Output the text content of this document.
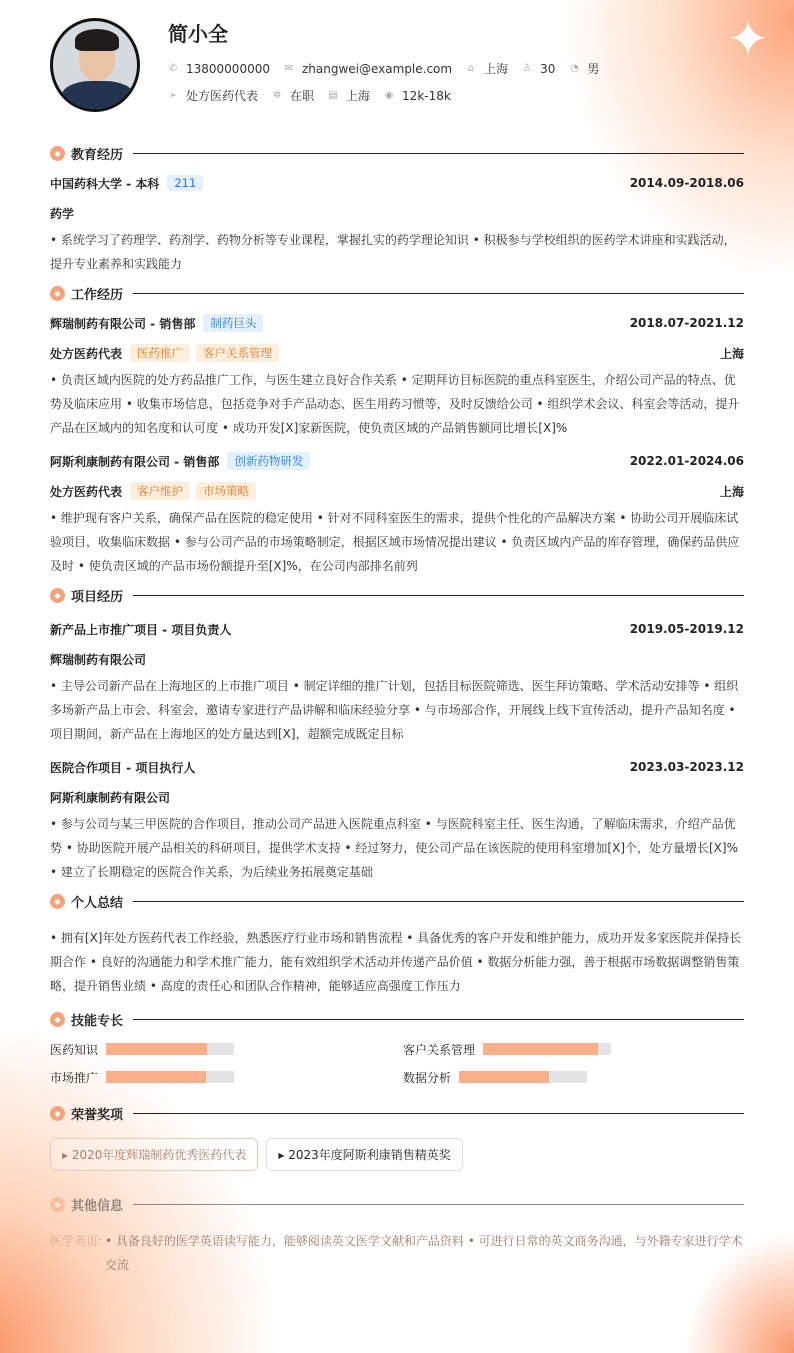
简小全
✆ 13800000000 ✉ zhangwei@example.com ⌂ 上海 ♙ 30 ◔ 男
➢ 处方医药代表 ✲ 在职 ▤ 上海 ◉ 12k-18k
✦
◆ 教育经历
中国药科大学 - 本科	211	2014.09-2018.06
药学
• 系统学习了药理学、药剂学、药物分析等专业课程，掌握扎实的药学理论知识 • 积极参与学校组织的医药学术讲座和实践活动，提升专业素养和实践能力
◆ 工作经历
辉瑞制药有限公司 - 销售部	制药巨头	2018.07-2021.12
处方医药代表	医药推广	客户关系管理	上海
• 负责区域内医院的处方药品推广工作，与医生建立良好合作关系 • 定期拜访目标医院的重点科室医生，介绍公司产品的特点、优势及临床应用 • 收集市场信息，包括竞争对手产品动态、医生用药习惯等，及时反馈给公司 • 组织学术会议、科室会等活动，提升产品在区域内的知名度和认可度 • 成功开发[X]家新医院，使负责区域的产品销售额同比增长[X]%
阿斯利康制药有限公司 - 销售部	创新药物研发	2022.01-2024.06
处方医药代表	客户维护	市场策略	上海
• 维护现有客户关系，确保产品在医院的稳定使用 • 针对不同科室医生的需求，提供个性化的产品解决方案 • 协助公司开展临床试验项目，收集临床数据 • 参与公司产品的市场策略制定，根据区域市场情况提出建议 • 负责区域内产品的库存管理，确保药品供应及时 • 使负责区域的产品市场份额提升至[X]%，在公司内部排名前列
◆ 项目经历
新产品上市推广项目 - 项目负责人	2019.05-2019.12
辉瑞制药有限公司
• 主导公司新产品在上海地区的上市推广项目 • 制定详细的推广计划，包括目标医院筛选、医生拜访策略、学术活动安排等 • 组织多场新产品上市会、科室会，邀请专家进行产品讲解和临床经验分享 • 与市场部合作，开展线上线下宣传活动，提升产品知名度 • 项目期间，新产品在上海地区的处方量达到[X]，超额完成既定目标
医院合作项目 - 项目执行人	2023.03-2023.12
阿斯利康制药有限公司
• 参与公司与某三甲医院的合作项目，推动公司产品进入医院重点科室 • 与医院科室主任、医生沟通，了解临床需求，介绍产品优势 • 协助医院开展产品相关的科研项目，提供学术支持 • 经过努力，使公司产品在该医院的使用科室增加[X]个，处方量增长[X]% • 建立了长期稳定的医院合作关系，为后续业务拓展奠定基础
◆ 个人总结
• 拥有[X]年处方医药代表工作经验，熟悉医疗行业市场和销售流程 • 具备优秀的客户开发和维护能力，成功开发多家医院并保持长期合作 • 良好的沟通能力和学术推广能力，能有效组织学术活动并传递产品价值 • 数据分析能力强，善于根据市场数据调整销售策略，提升销售业绩 • 高度的责任心和团队合作精神，能够适应高强度工作压力
◆ 技能专长
医药知识	客户关系管理
市场推广	数据分析
◆ 荣誉奖项
▸ 2020年度辉瑞制药优秀医药代表	▸ 2023年度阿斯利康销售精英奖
◆ 其他信息
医学英语: • 具备良好的医学英语读写能力，能够阅读英文医学文献和产品资料 • 可进行日常的英文商务沟通，与外籍专家进行学术交流
